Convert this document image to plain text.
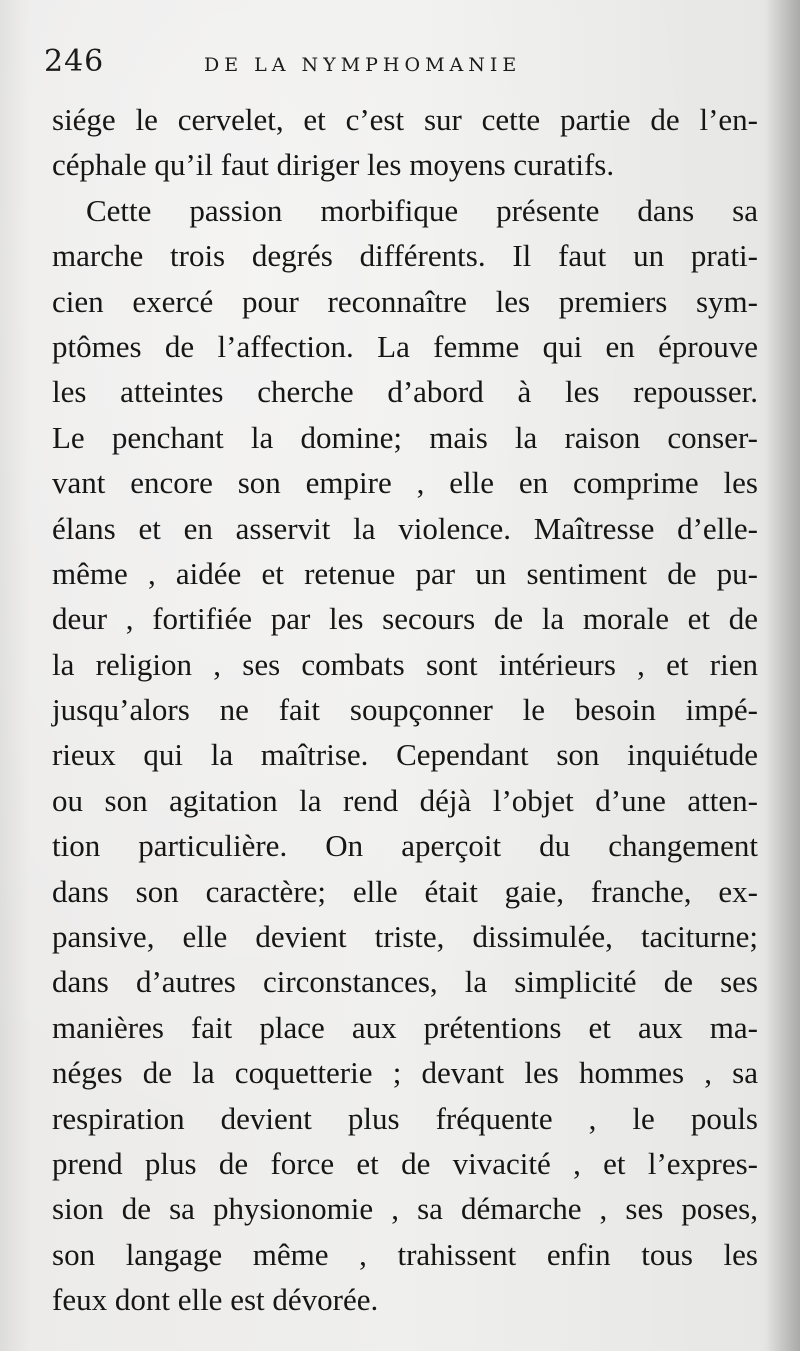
246	DE LA NYMPHOMANIE
siége le cervelet, et c’est sur cette partie de l’en-
céphale qu’il faut diriger les moyens curatifs.
Cette passion morbifique présente dans sa
marche trois degrés différents. Il faut un prati-
cien exercé pour reconnaître les premiers sym-
ptômes de l’affection. La femme qui en éprouve
les atteintes cherche d’abord à les repousser.
Le penchant la domine; mais la raison conser-
vant encore son empire , elle en comprime les
élans et en asservit la violence. Maîtresse d’elle-
même , aidée et retenue par un sentiment de pu-
deur , fortifiée par les secours de la morale et de
la religion , ses combats sont intérieurs , et rien
jusqu’alors ne fait soupçonner le besoin impé-
rieux qui la maîtrise. Cependant son inquiétude
ou son agitation la rend déjà l’objet d’une atten-
tion particulière. On aperçoit du changement
dans son caractère; elle était gaie, franche, ex-
pansive, elle devient triste, dissimulée, taciturne;
dans d’autres circonstances, la simplicité de ses
manières fait place aux prétentions et aux ma-
néges de la coquetterie ; devant les hommes , sa
respiration devient plus fréquente , le pouls
prend plus de force et de vivacité , et l’expres-
sion de sa physionomie , sa démarche , ses poses,
son langage même , trahissent enfin tous les
feux dont elle est dévorée.
